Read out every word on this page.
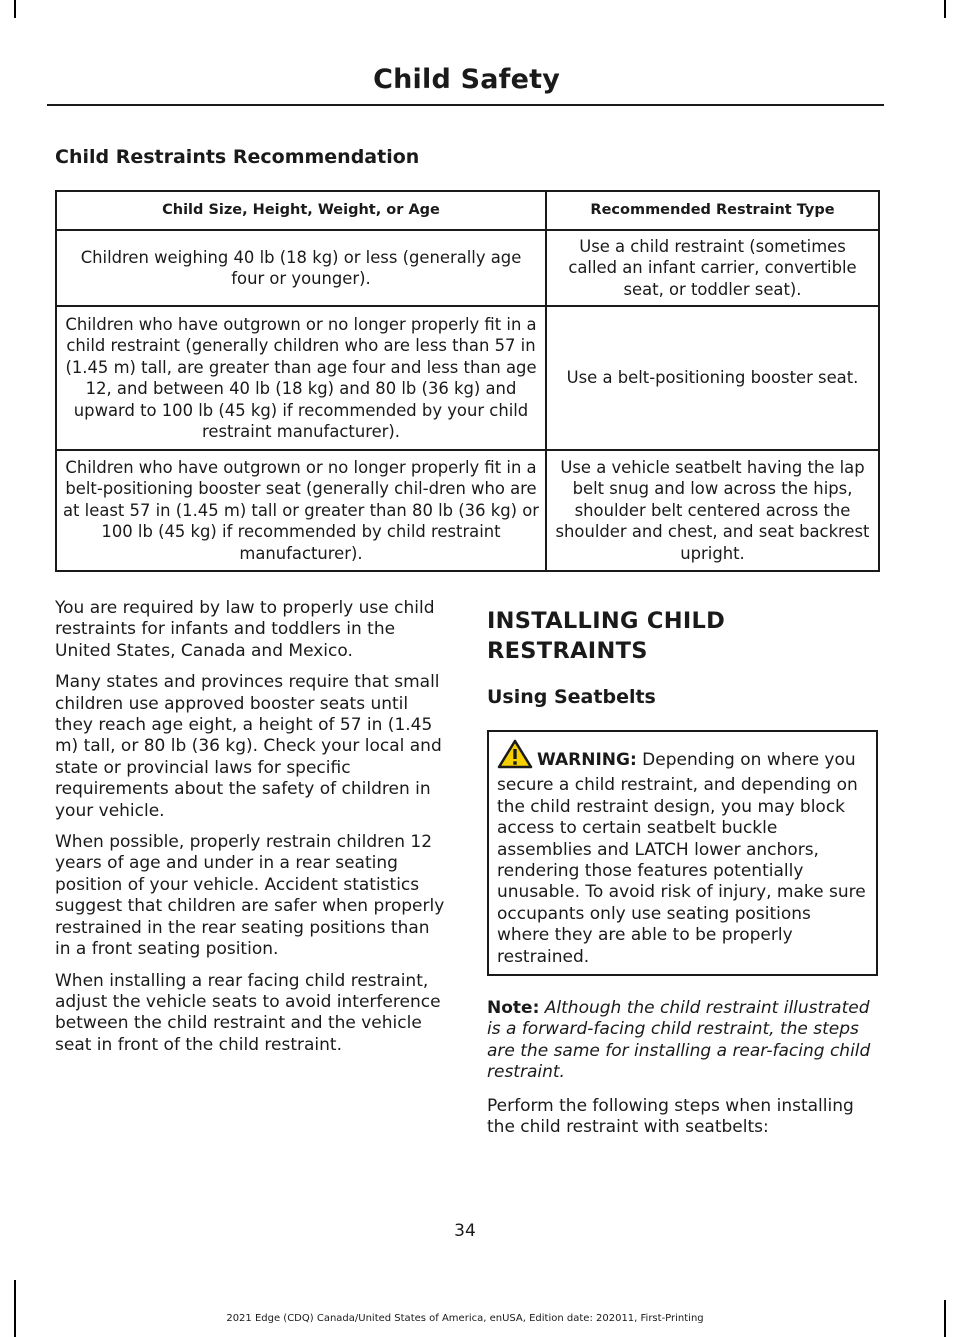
Child Safety
Child Restraints Recommendation
Child Size, Height, Weight, or Age	Recommended Restraint Type
Children weighing 40 lb (18 kg) or less (generally age four or younger).	Use a child restraint (sometimes called an infant carrier, convertible seat, or toddler seat).
Children who have outgrown or no longer properly fit in a child restraint (generally children who are less than 57 in (1.45 m) tall, are greater than age four and less than age 12, and between 40 lb (18 kg) and 80 lb (36 kg) and upward to 100 lb (45 kg) if recommended by your child restraint manufacturer).	Use a belt-positioning booster seat.
Children who have outgrown or no longer properly fit in a belt-positioning booster seat (generally chil-dren who are at least 57 in (1.45 m) tall or greater than 80 lb (36 kg) or 100 lb (45 kg) if recommended by child restraint manufacturer).	Use a vehicle seatbelt having the lap belt snug and low across the hips, shoulder belt centered across the shoulder and chest, and seat backrest upright.

You are required by law to properly use child restraints for infants and toddlers in the United States, Canada and Mexico.

Many states and provinces require that small children use approved booster seats until they reach age eight, a height of 57 in (1.45 m) tall, or 80 lb (36 kg). Check your local and state or provincial laws for specific requirements about the safety of children in your vehicle.

When possible, properly restrain children 12 years of age and under in a rear seating position of your vehicle. Accident statistics suggest that children are safer when properly restrained in the rear seating positions than in a front seating position.

When installing a rear facing child restraint, adjust the vehicle seats to avoid interference between the child restraint and the vehicle seat in front of the child restraint.

INSTALLING CHILD
RESTRAINTS
Using Seatbelts
WARNING: Depending on where you secure a child restraint, and depending on the child restraint design, you may block access to certain seatbelt buckle assemblies and LATCH lower anchors, rendering those features potentially unusable. To avoid risk of injury, make sure occupants only use seating positions where they are able to be properly restrained.

Note: Although the child restraint illustrated is a forward-facing child restraint, the steps are the same for installing a rear-facing child restraint.

Perform the following steps when installing the child restraint with seatbelts:

34
2021 Edge (CDQ) Canada/United States of America, enUSA, Edition date: 202011, First-Printing
